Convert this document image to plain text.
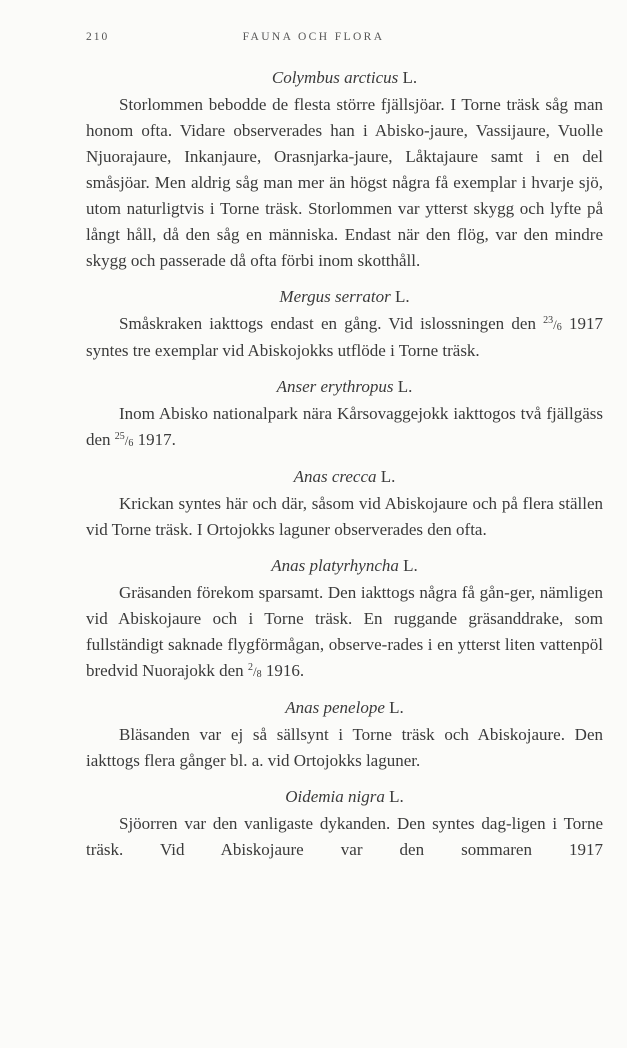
210	FAUNA OCH FLORA
Colymbus arcticus L.

Storlommen bebodde de flesta större fjällsjöar. I Torne träsk såg man honom ofta. Vidare observerades han i Abisko-jaure, Vassijaure, Vuolle Njuorajaure, Inkanjaure, Orasnjarka-jaure, Låktajaure samt i en del småsjöar. Men aldrig såg man mer än högst några få exemplar i hvarje sjö, utom naturligtvis i Torne träsk. Storlommen var ytterst skygg och lyfte på långt håll, då den såg en människa. Endast när den flög, var den mindre skygg och passerade då ofta förbi inom skotthåll.

Mergus serrator L.

Småskraken iakttogs endast en gång. Vid islossningen den $^{23}/_6$ 1917 syntes tre exemplar vid Abiskojokks utflöde i Torne träsk.

Anser erythropus L.

Inom Abisko nationalpark nära Kårsovaggejokk iakttogos två fjällgäss den $^{25}/_6$ 1917.

Anas crecca L.

Krickan syntes här och där, såsom vid Abiskojaure och på flera ställen vid Torne träsk. I Ortojokks laguner observerades den ofta.

Anas platyrhyncha L.

Gräsanden förekom sparsamt. Den iakttogs några få gån-ger, nämligen vid Abiskojaure och i Torne träsk. En ruggande gräsanddrake, som fullständigt saknade flygförmågan, observe-rades i en ytterst liten vattenpöl bredvid Nuorajokk den $^2/_8$ 1916.

Anas penelope L.

Bläsanden var ej så sällsynt i Torne träsk och Abiskojaure. Den iakttogs flera gånger bl. a. vid Ortojokks laguner.

Oidemia nigra L.

Sjöorren var den vanligaste dykanden. Den syntes dag-ligen i Torne träsk. Vid Abiskojaure var den sommaren 1917
